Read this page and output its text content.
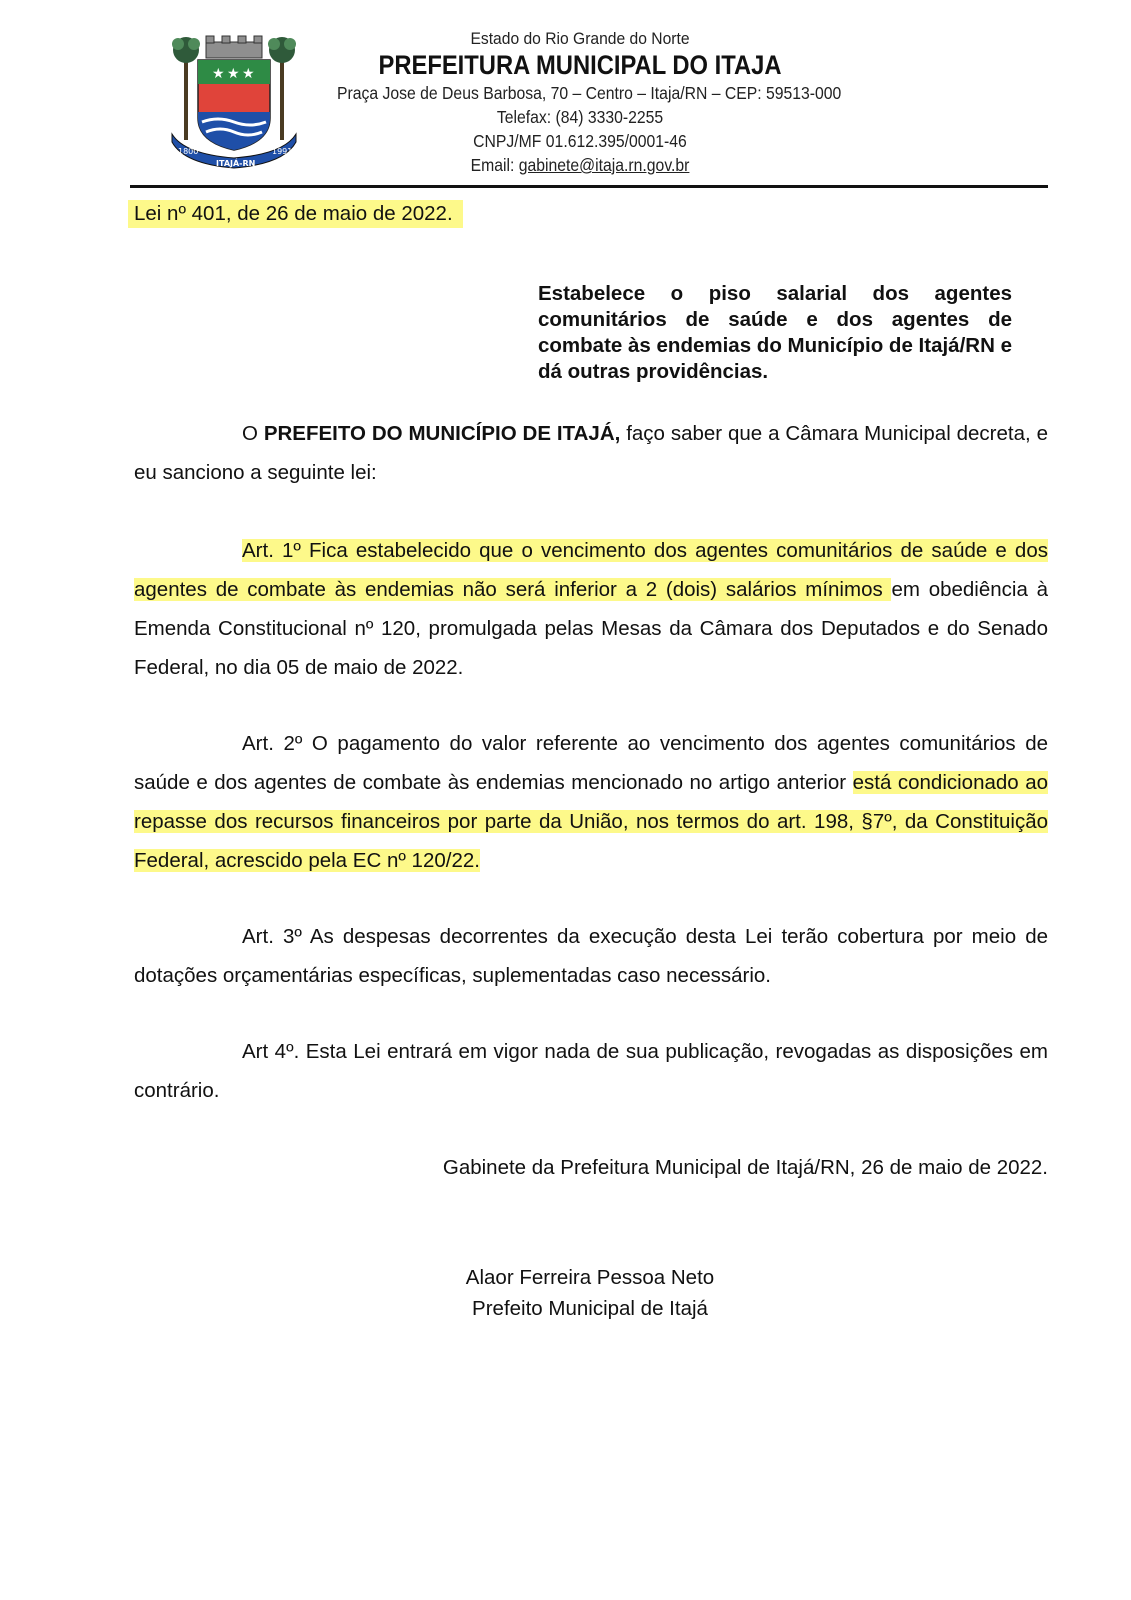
★ ★ ★
1800	1991
ITAJÁ-RN
Estado do Rio Grande do Norte
PREFEITURA MUNICIPAL DO ITAJA
Praça Jose de Deus Barbosa, 70 – Centro – Itaja/RN – CEP: 59513-000
Telefax: (84) 3330-2255
CNPJ/MF 01.612.395/0001-46
Email: gabinete@itaja.rn.gov.br
Lei nº 401, de 26 de maio de 2022.
Estabelece o piso salarial dos agentes comunitários de saúde e dos agentes de combate às endemias do Município de Itajá/RN e dá outras providências.
O PREFEITO DO MUNICÍPIO DE ITAJÁ, faço saber que a Câmara Municipal decreta, e eu sanciono a seguinte lei:
Art. 1º Fica estabelecido que o vencimento dos agentes comunitários de saúde e dos agentes de combate às endemias não será inferior a 2 (dois) salários mínimos em obediência à Emenda Constitucional nº 120, promulgada pelas Mesas da Câmara dos Deputados e do Senado Federal, no dia 05 de maio de 2022.
Art. 2º O pagamento do valor referente ao vencimento dos agentes comunitários de saúde e dos agentes de combate às endemias mencionado no artigo anterior está condicionado ao repasse dos recursos financeiros por parte da União, nos termos do art. 198, §7º, da Constituição Federal, acrescido pela EC nº 120/22.
Art. 3º As despesas decorrentes da execução desta Lei terão cobertura por meio de dotações orçamentárias específicas, suplementadas caso necessário.
Art 4º. Esta Lei entrará em vigor nada de sua publicação, revogadas as disposições em contrário.
Gabinete da Prefeitura Municipal de Itajá/RN, 26 de maio de 2022.
Alaor Ferreira Pessoa Neto
Prefeito Municipal de Itajá
